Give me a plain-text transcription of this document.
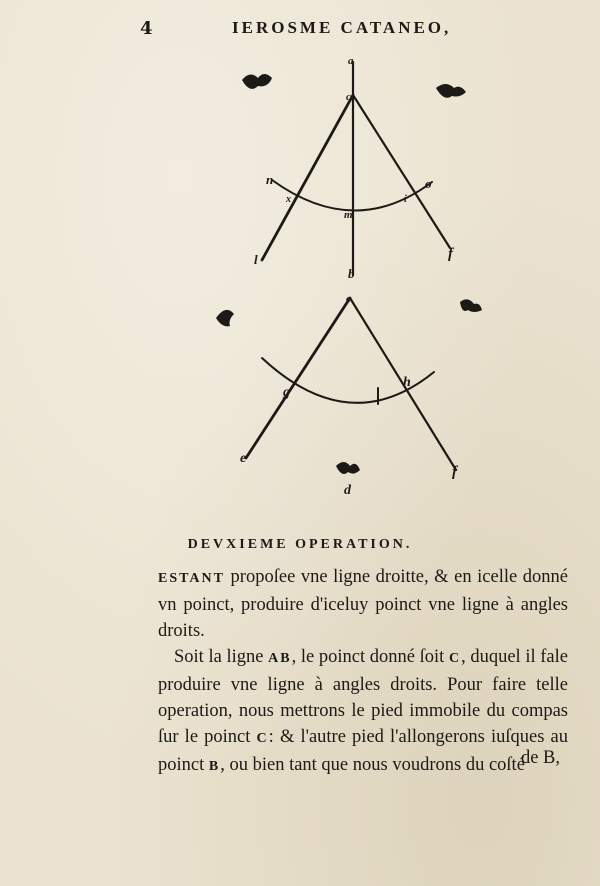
4	IEROSME CATANEO,
a
c
n
x
o
i
m
l
b
f
c
g
h
e
d
f
DEVXIEME OPERATION.

ESTANT propoſee vne ligne droitte, & en icelle donné vn poinct, produire d'iceluy poinct vne ligne à angles droits.

Soit la ligne AB, le poinct donné ſoit C, duquel il fale produire vne ligne à angles droits. Pour faire telle operation, nous mettrons le pied immobile du compas ſur le poinct C: & l'autre pied l'allongerons iuſques au poinct B, ou bien tant que nous voudrons du coſté

de B,
